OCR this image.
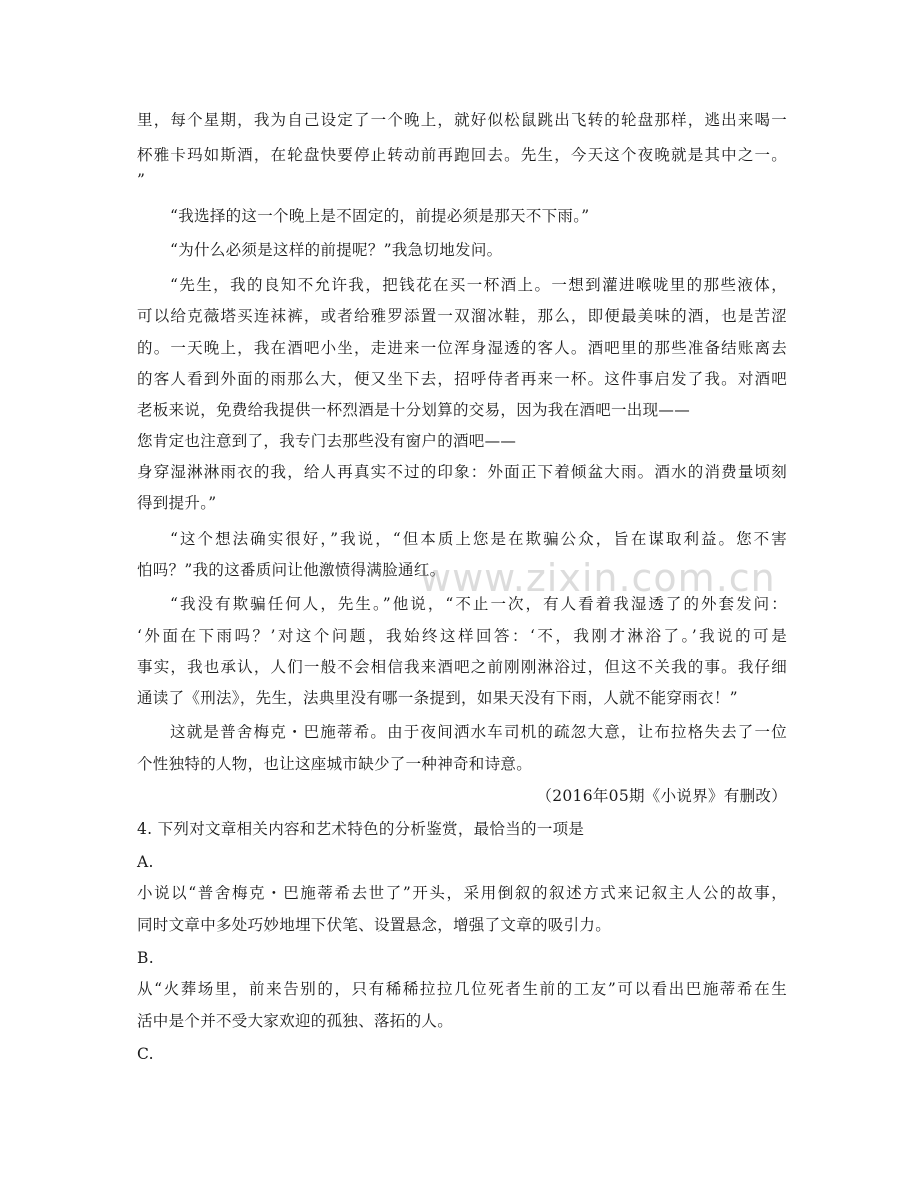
www.zixin.com.cn
里，每个星期，我为自己设定了一个晚上，就好似松鼠跳出飞转的轮盘那样，逃出来喝一
杯雅卡玛如斯酒，在轮盘快要停止转动前再跑回去。先生，今天这个夜晚就是其中之一。
”
“我选择的这一个晚上是不固定的，前提必须是那天不下雨。”
“为什么必须是这样的前提呢？”我急切地发问。
“先生，我的良知不允许我，把钱花在买一杯酒上。一想到灌进喉咙里的那些液体，
可以给克薇塔买连袜裤，或者给雅罗添置一双溜冰鞋，那么，即便最美味的酒，也是苦涩
的。一天晚上，我在酒吧小坐，走进来一位浑身湿透的客人。酒吧里的那些准备结账离去
的客人看到外面的雨那么大，便又坐下去，招呼侍者再来一杯。这件事启发了我。对酒吧
老板来说，免费给我提供一杯烈酒是十分划算的交易，因为我在酒吧一出现——
您肯定也注意到了，我专门去那些没有窗户的酒吧——
身穿湿淋淋雨衣的我，给人再真实不过的印象：外面正下着倾盆大雨。酒水的消费量顷刻
得到提升。”
“这个想法确实很好，”我说，“但本质上您是在欺骗公众，旨在谋取利益。您不害
怕吗？”我的这番质问让他激愤得满脸通红。
“我没有欺骗任何人，先生。”他说，“不止一次，有人看着我湿透了的外套发问：
‘外面在下雨吗？’对这个问题，我始终这样回答：‘不，我刚才淋浴了。’我说的可是
事实，我也承认，人们一般不会相信我来酒吧之前刚刚淋浴过，但这不关我的事。我仔细
通读了《刑法》，先生，法典里没有哪一条提到，如果天没有下雨，人就不能穿雨衣！”
这就是普舍梅克・巴施蒂希。由于夜间洒水车司机的疏忽大意，让布拉格失去了一位
个性独特的人物，也让这座城市缺少了一种神奇和诗意。
（2016年05期《小说界》有删改）
4. 下列对文章相关内容和艺术特色的分析鉴赏，最恰当的一项是
A.
小说以“普舍梅克・巴施蒂希去世了”开头，采用倒叙的叙述方式来记叙主人公的故事，
同时文章中多处巧妙地埋下伏笔、设置悬念，增强了文章的吸引力。
B.
从“火葬场里，前来告别的，只有稀稀拉拉几位死者生前的工友”可以看出巴施蒂希在生
活中是个并不受大家欢迎的孤独、落拓的人。
C.
